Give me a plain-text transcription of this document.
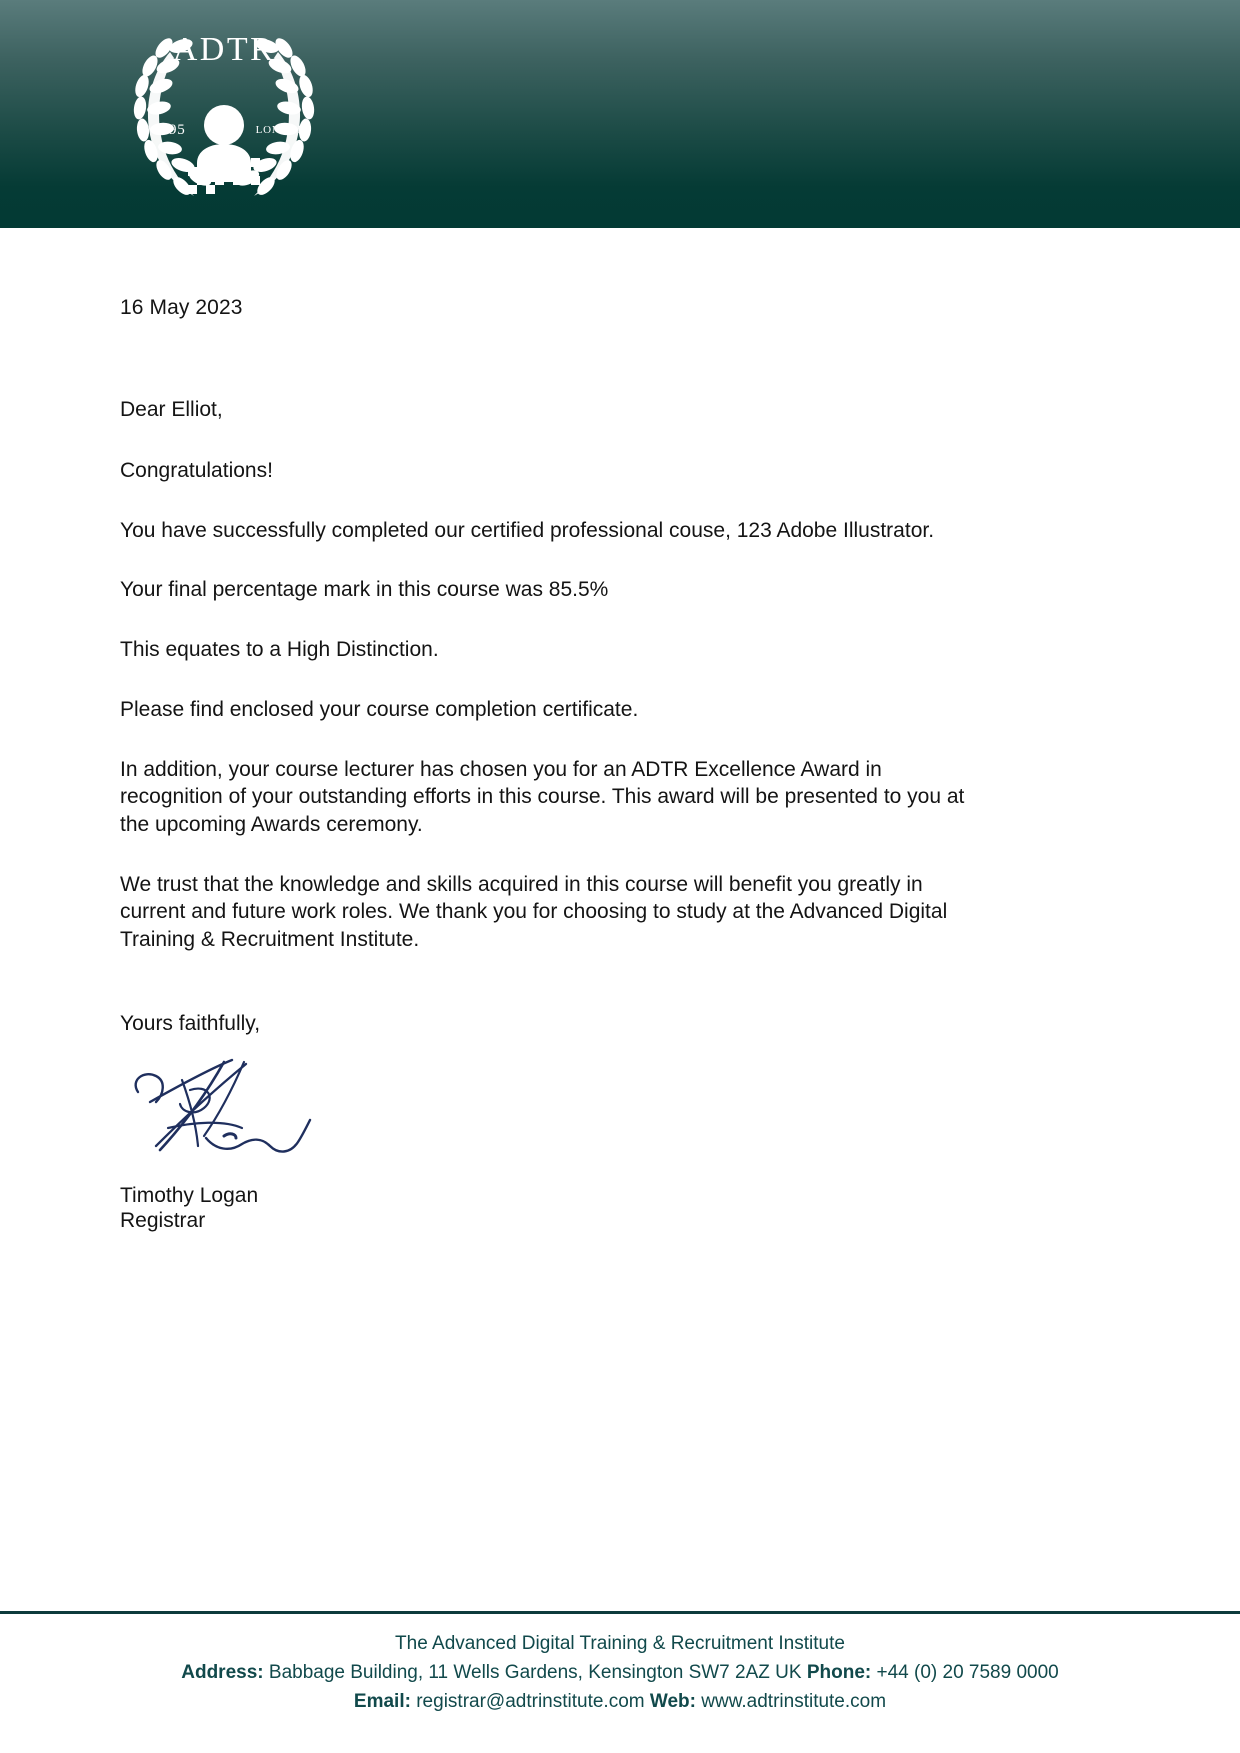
ADTR
1995	LONDON
16 May 2023
Dear Elliot,
Congratulations!
You have successfully completed our certified professional couse, 123 Adobe Illustrator.
Your final percentage mark in this course was 85.5%
This equates to a High Distinction.
Please find enclosed your course completion certificate.
In addition, your course lecturer has chosen you for an ADTR Excellence Award in recognition of your outstanding efforts in this course. This award will be presented to you at the upcoming Awards ceremony.
We trust that the knowledge and skills acquired in this course will benefit you greatly in current and future work roles. We thank you for choosing to study at the Advanced Digital Training & Recruitment Institute.
Yours faithfully,
Timothy Logan
Registrar
The Advanced Digital Training & Recruitment Institute
Address: Babbage Building, 11 Wells Gardens, Kensington SW7 2AZ UK Phone: +44 (0) 20 7589 0000
Email: registrar@adtrinstitute.com Web: www.adtrinstitute.com
